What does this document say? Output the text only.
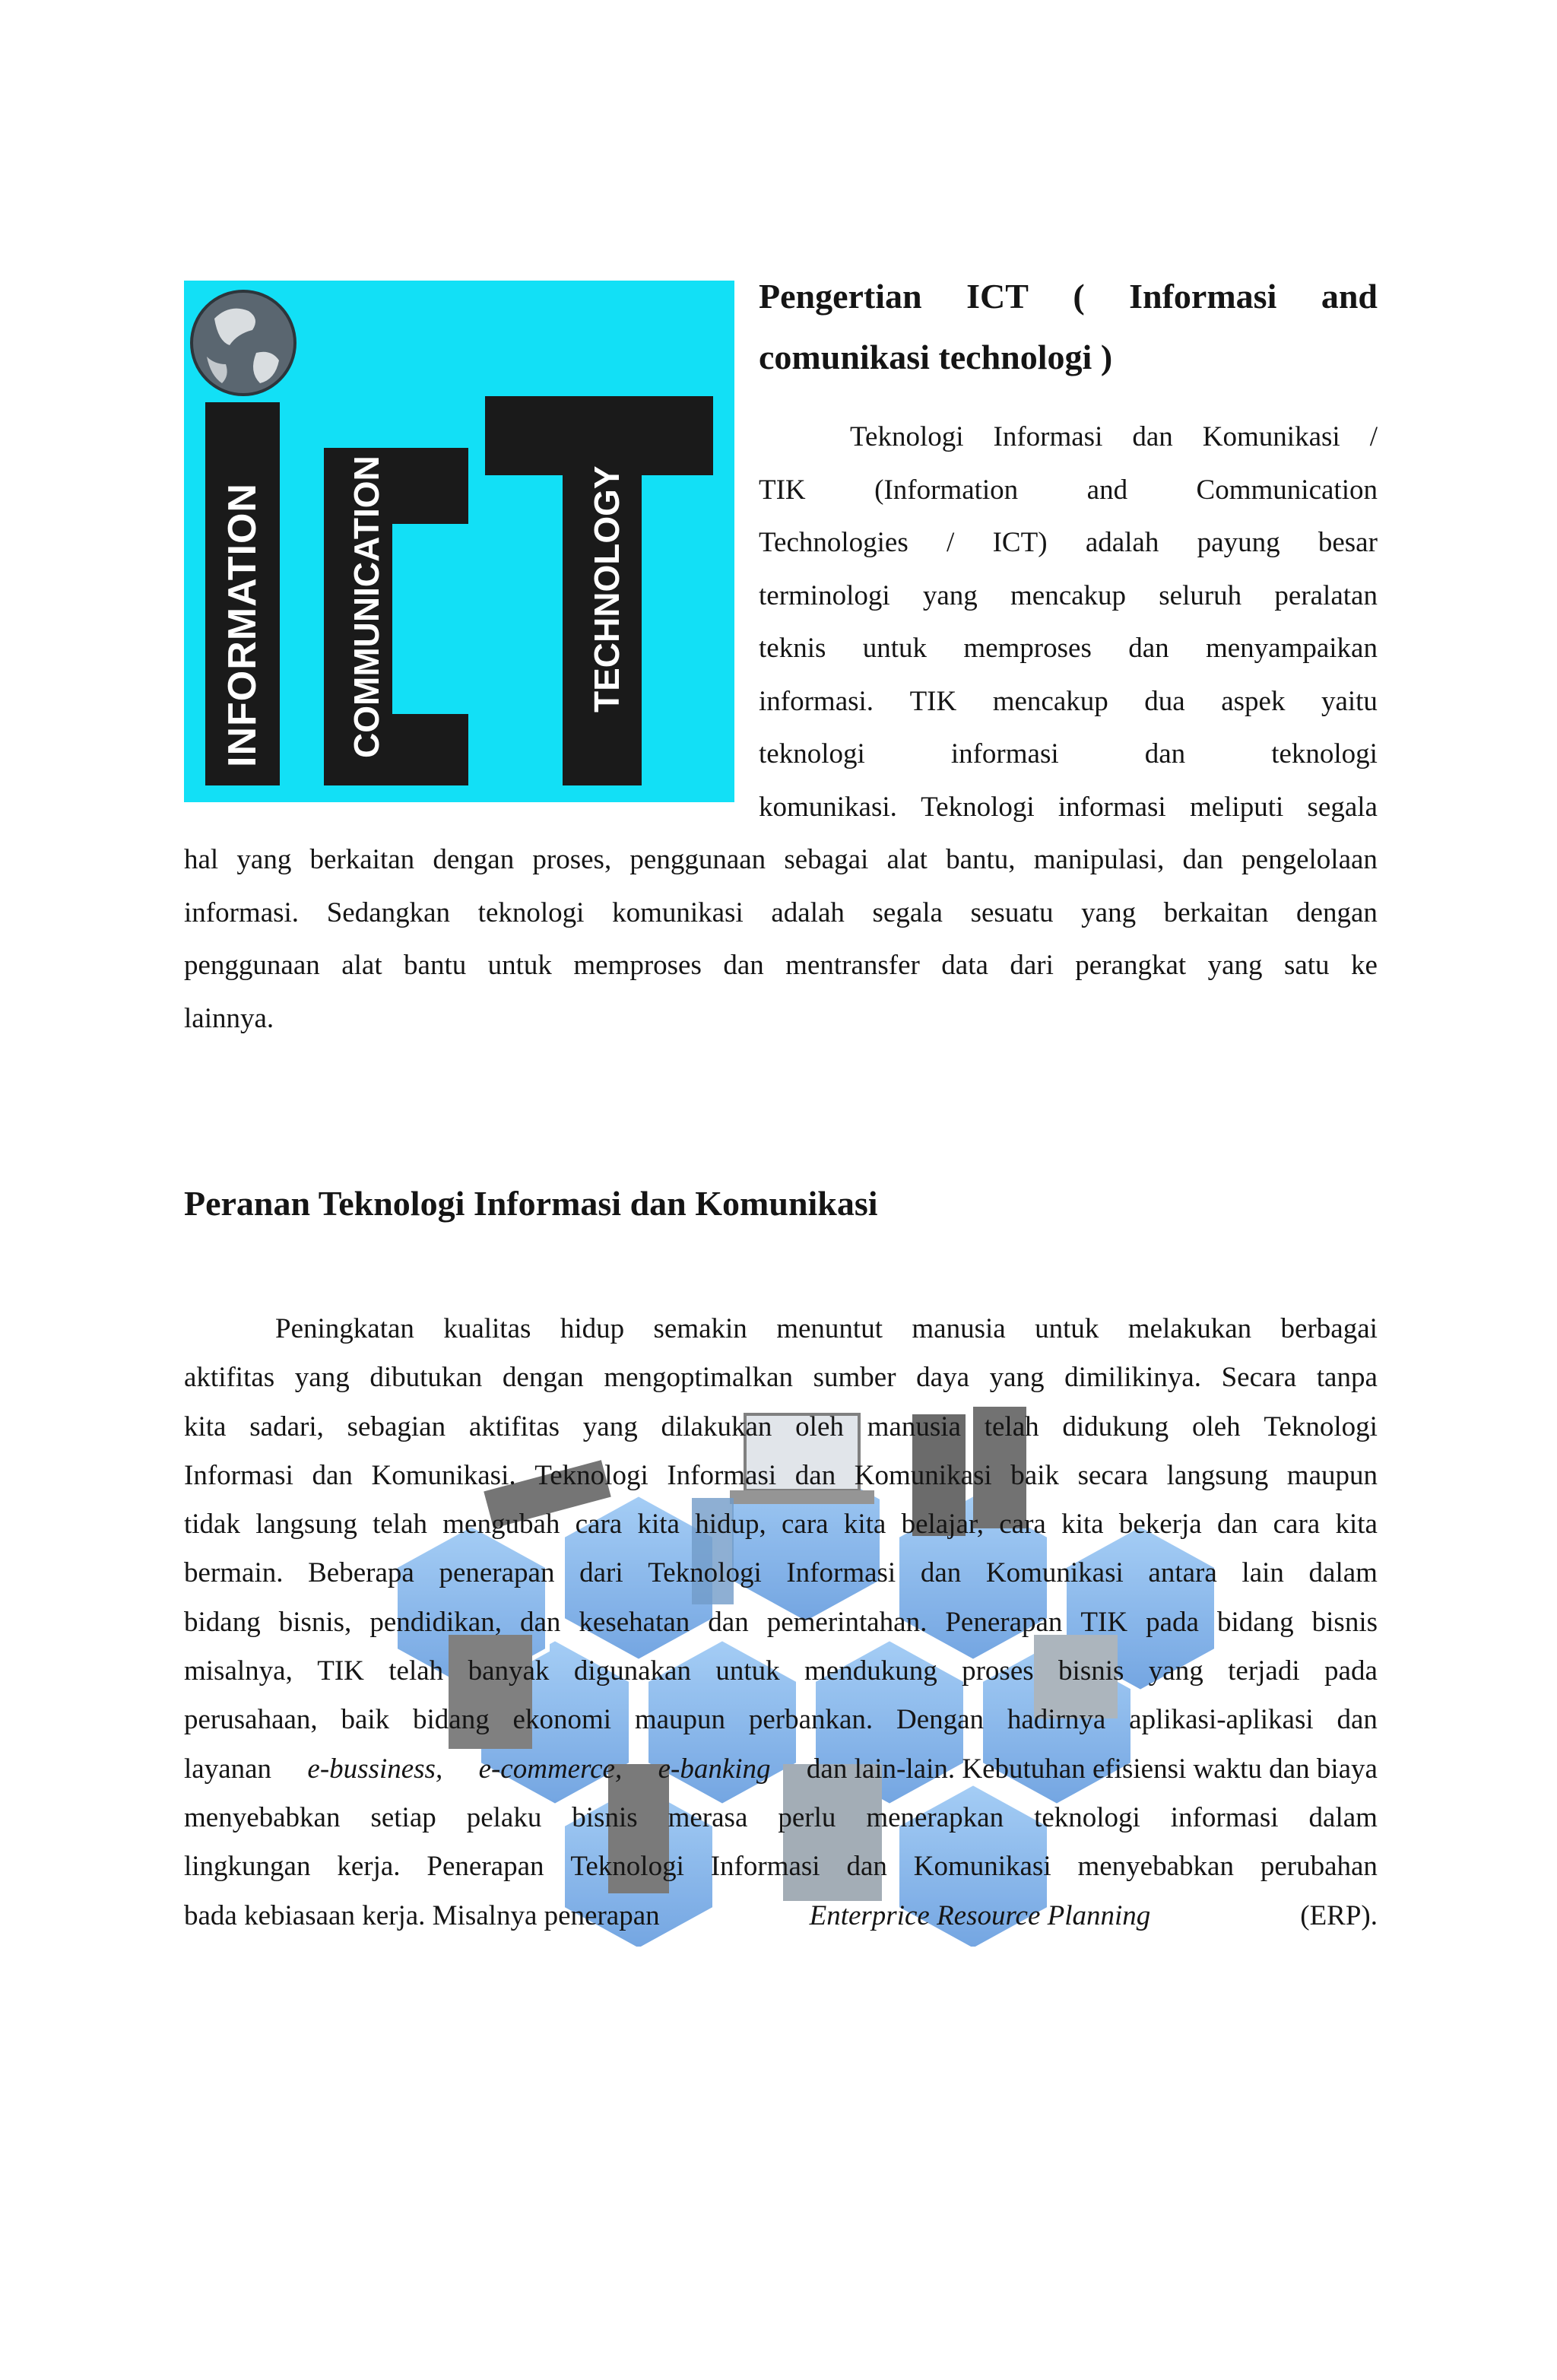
INFORMATION COMMUNICATION	TECHNOLOGY
Pengertian ICT ( Informasi and
comunikasi technologi )
Teknologi Informasi dan Komunikasi /
TIK (Information and Communication
Technologies / ICT) adalah payung besar
terminologi yang mencakup seluruh peralatan
teknis untuk memproses dan menyampaikan
informasi. TIK mencakup dua aspek yaitu
teknologi	informasi	dan	teknologi
komunikasi. Teknologi informasi meliputi segala
hal yang berkaitan dengan proses, penggunaan sebagai alat bantu, manipulasi, dan pengelolaan
informasi. Sedangkan teknologi komunikasi adalah segala sesuatu yang berkaitan dengan
penggunaan alat bantu untuk memproses dan mentransfer data dari perangkat yang satu ke
lainnya.
Peranan Teknologi Informasi dan Komunikasi
Peningkatan kualitas hidup semakin menuntut manusia untuk melakukan berbagai
aktifitas yang dibutukan dengan mengoptimalkan sumber daya yang dimilikinya. Secara tanpa
kita sadari, sebagian aktifitas yang dilakukan oleh manusia telah didukung oleh Teknologi
Informasi dan Komunikasi. Teknologi Informasi dan Komunikasi baik secara langsung maupun
tidak langsung telah mengubah cara kita hidup, cara kita belajar, cara kita bekerja dan cara kita
bermain. Beberapa penerapan dari Teknologi Informasi dan Komunikasi antara lain dalam
bidang bisnis, pendidikan, dan kesehatan dan pemerintahan. Penerapan TIK pada bidang bisnis
misalnya, TIK telah banyak digunakan untuk mendukung proses bisnis yang terjadi pada
perusahaan, baik bidang ekonomi maupun perbankan. Dengan hadirnya aplikasi-aplikasi dan
layanan e-bussiness, e-commerce, e-banking dan lain-lain. Kebutuhan efisiensi waktu dan biaya
menyebabkan setiap pelaku bisnis merasa perlu menerapkan teknologi informasi dalam
lingkungan kerja. Penerapan Teknologi Informasi dan Komunikasi menyebabkan perubahan
bada kebiasaan kerja. Misalnya penerapan	Enterprice Resource Planning	(ERP).
